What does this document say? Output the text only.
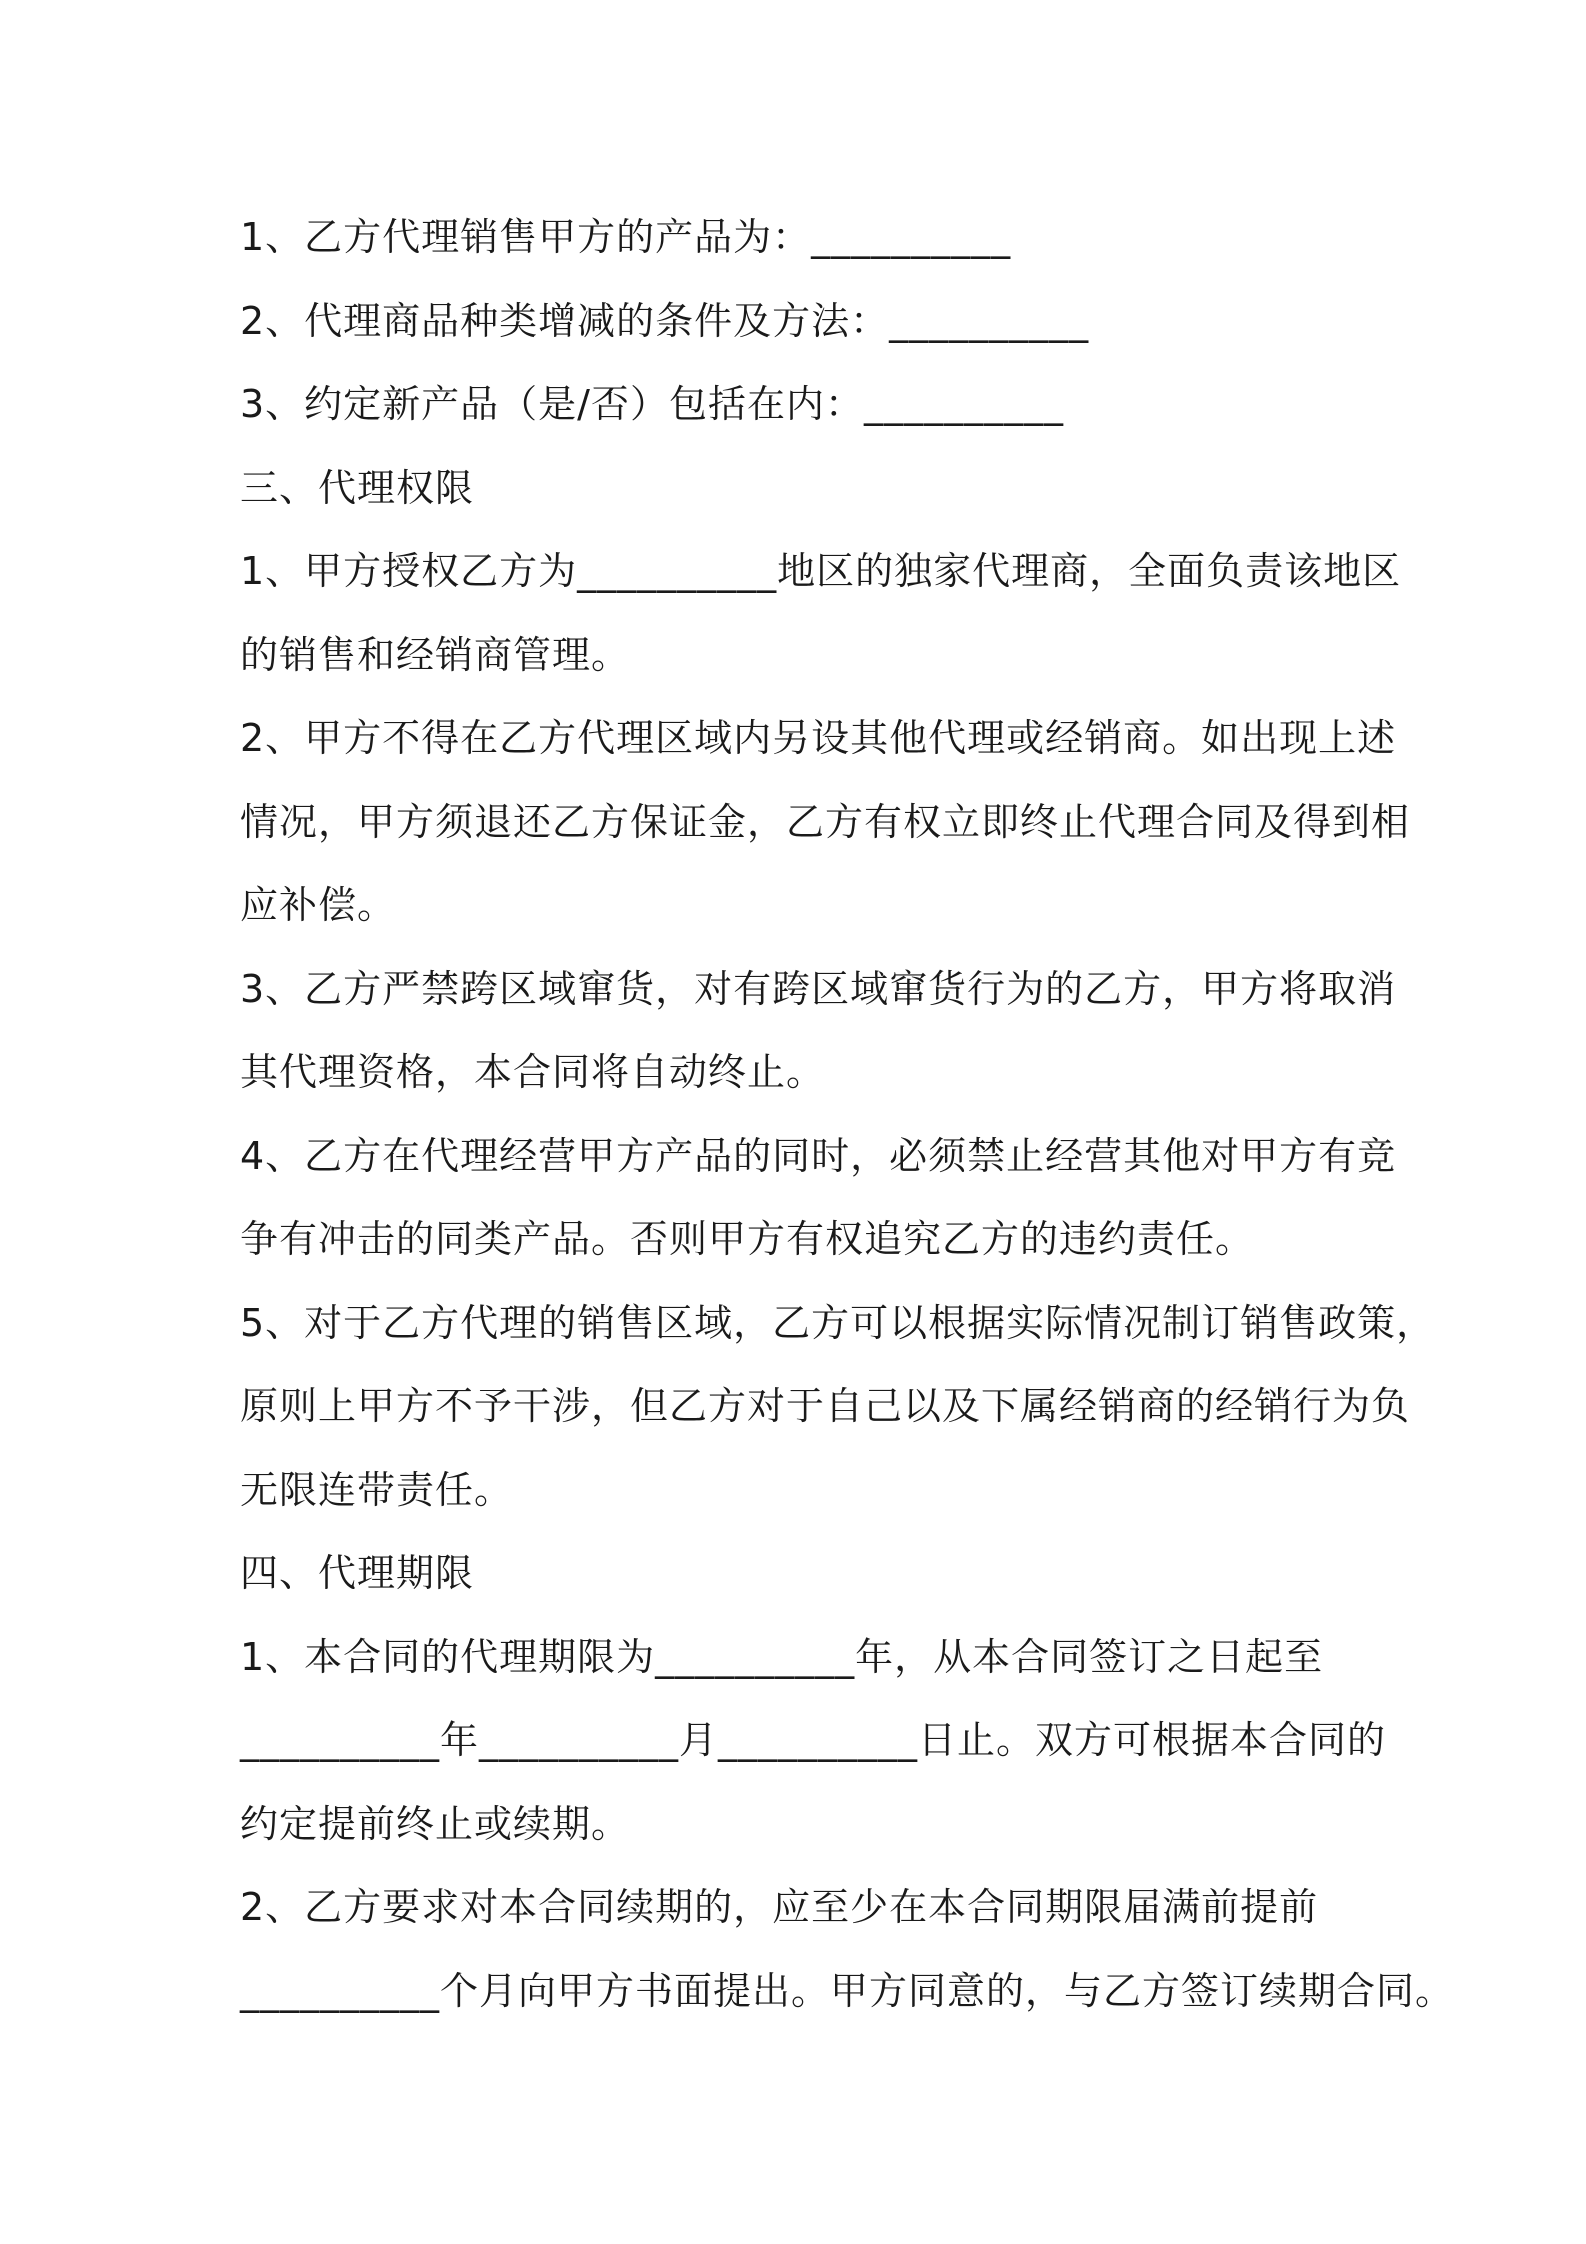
1、乙方代理销售甲方的产品为：__________
2、代理商品种类增减的条件及方法：__________
3、约定新产品（是/否）包括在内：__________
三、代理权限
1、甲方授权乙方为__________地区的独家代理商，全面负责该地区
的销售和经销商管理。
2、甲方不得在乙方代理区域内另设其他代理或经销商。如出现上述
情况，甲方须退还乙方保证金，乙方有权立即终止代理合同及得到相
应补偿。
3、乙方严禁跨区域窜货，对有跨区域窜货行为的乙方，甲方将取消
其代理资格，本合同将自动终止。
4、乙方在代理经营甲方产品的同时，必须禁止经营其他对甲方有竞
争有冲击的同类产品。否则甲方有权追究乙方的违约责任。
5、对于乙方代理的销售区域，乙方可以根据实际情况制订销售政策，
原则上甲方不予干涉，但乙方对于自己以及下属经销商的经销行为负
无限连带责任。
四、代理期限
1、本合同的代理期限为__________年，从本合同签订之日起至
__________年__________月__________日止。双方可根据本合同的
约定提前终止或续期。
2、乙方要求对本合同续期的，应至少在本合同期限届满前提前
__________个月向甲方书面提出。甲方同意的，与乙方签订续期合同。
